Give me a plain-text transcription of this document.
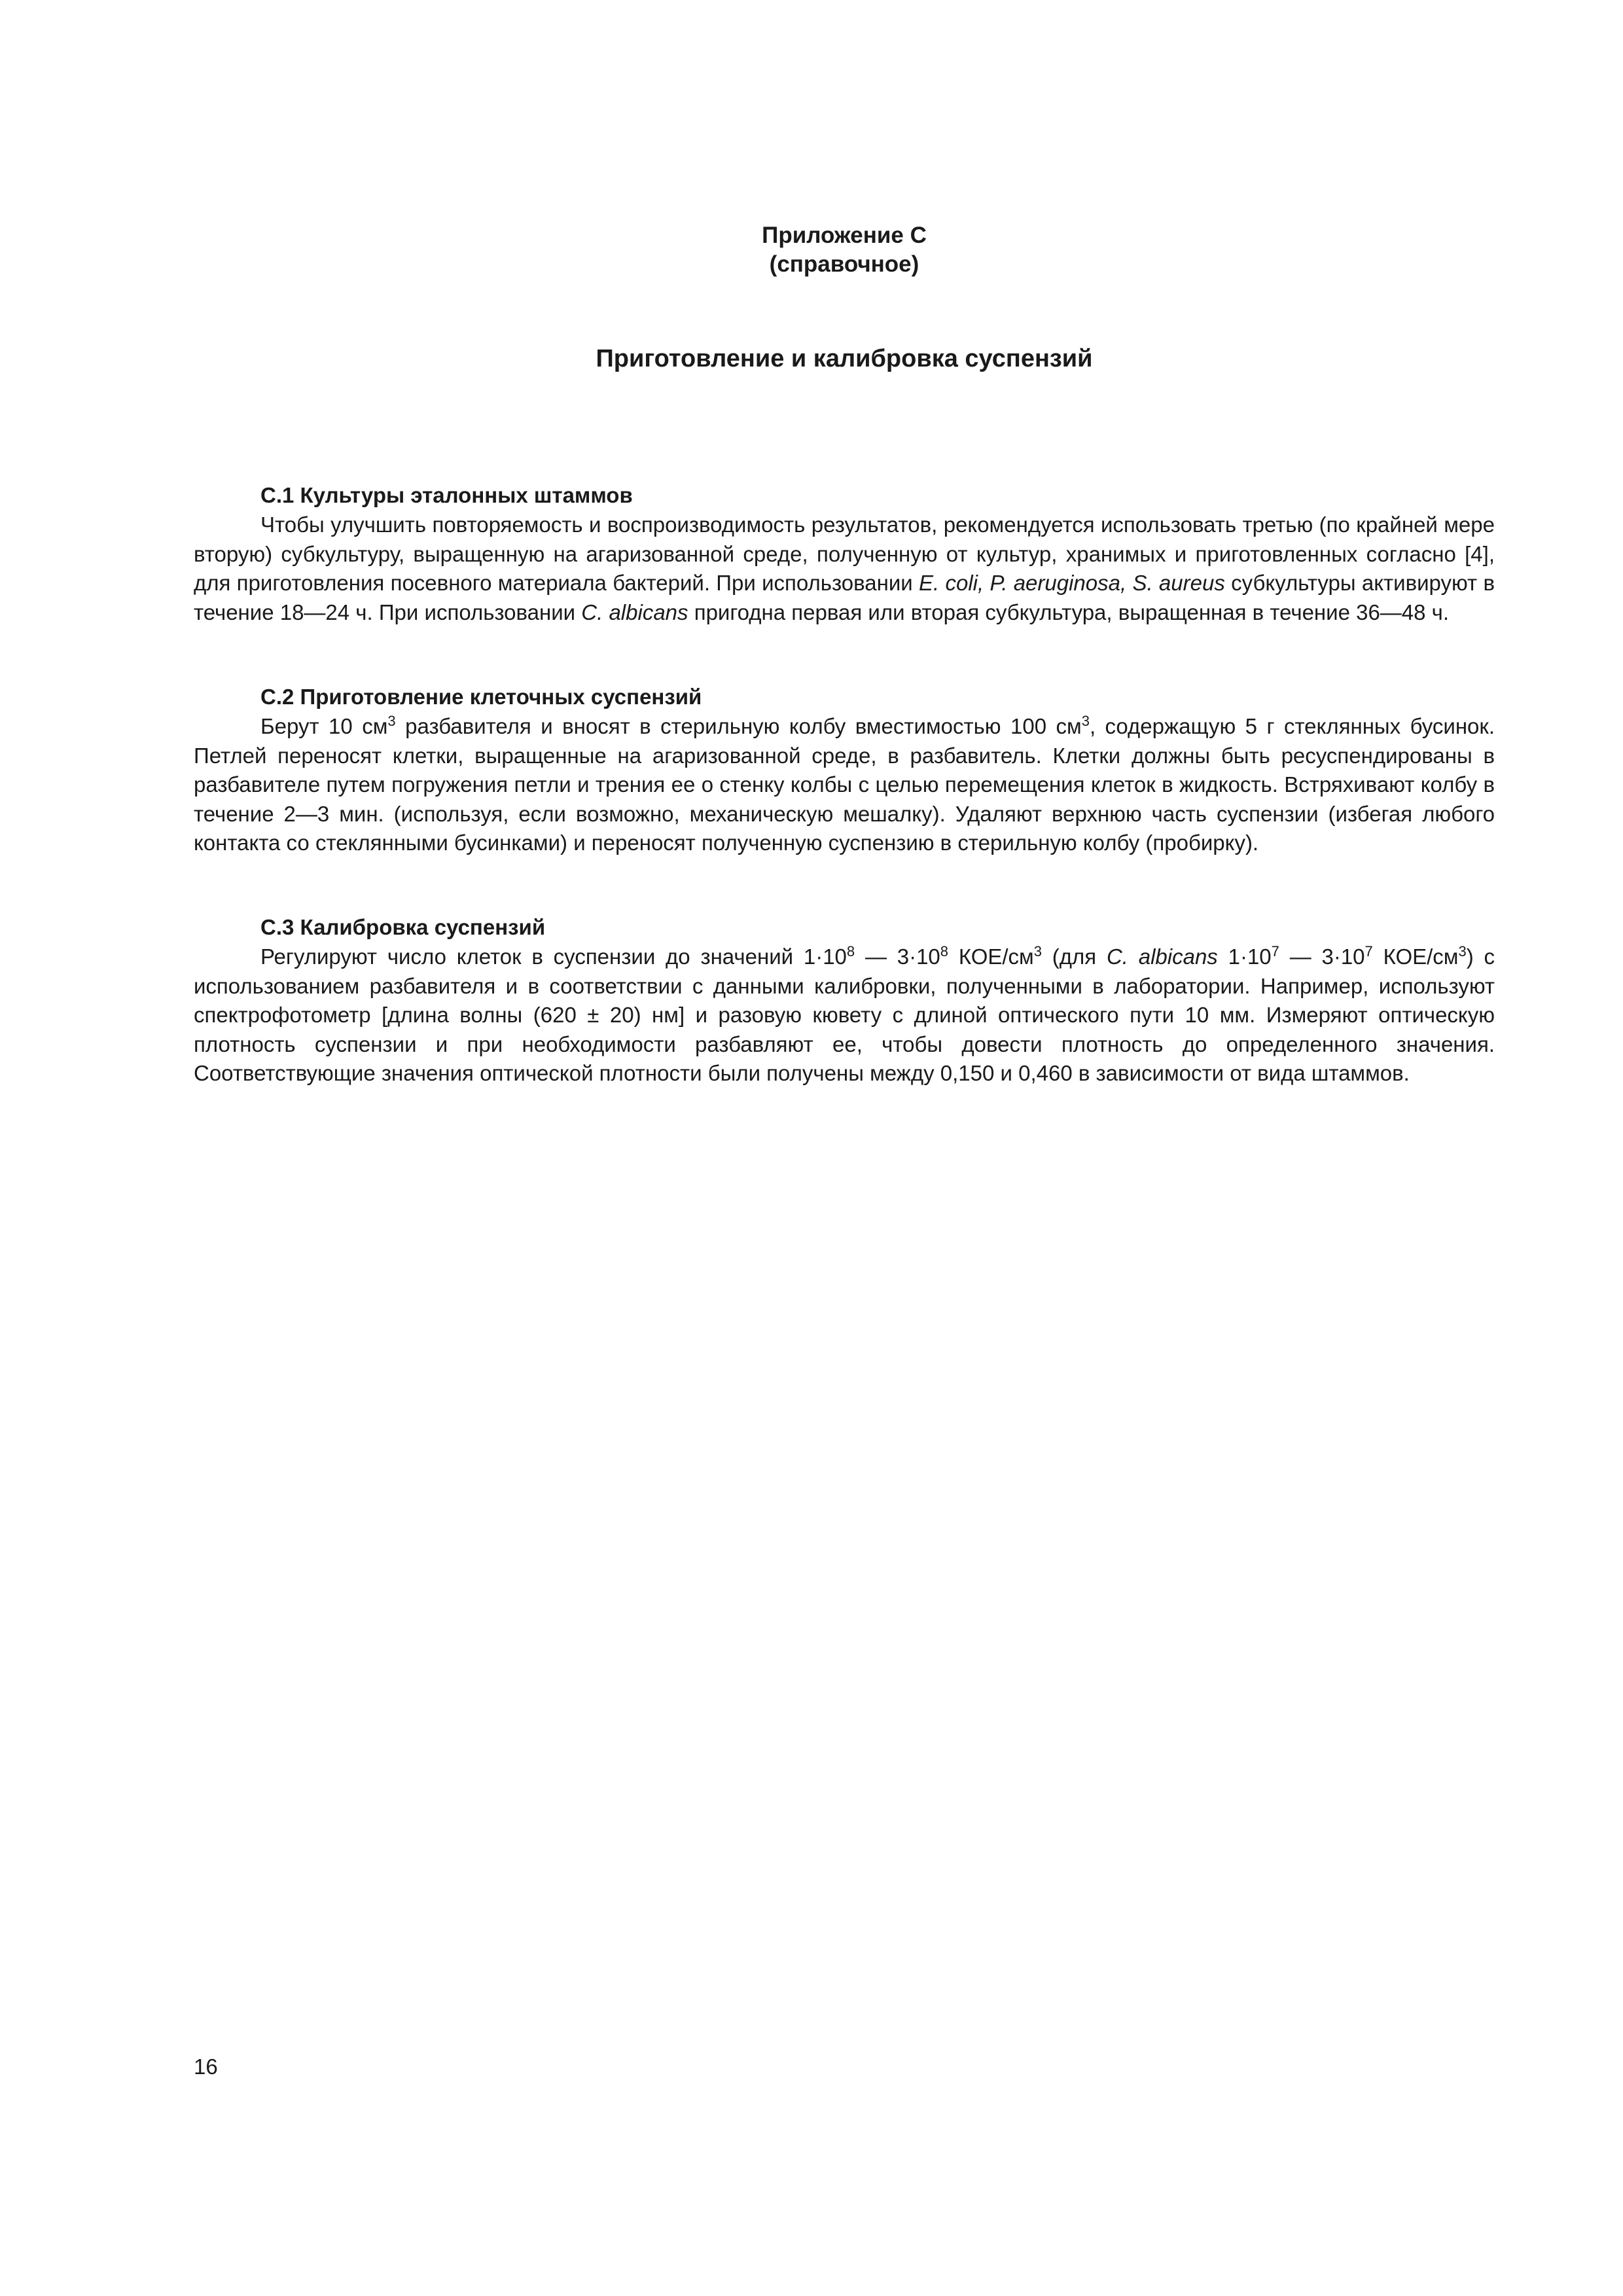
Приложение С
(справочное)
Приготовление и калибровка суспензий
С.1 Культуры эталонных штаммов

Чтобы улучшить повторяемость и воспроизводимость результатов, рекомендуется использовать третью (по крайней мере вторую) субкультуру, выращенную на агаризованной среде, полученную от культур, хранимых и приготовленных согласно [4], для приготовления посевного материала бактерий. При использовании E. coli, P. aeruginosa, S. aureus субкультуры активируют в течение 18—24 ч. При использовании C. albicans пригодна первая или вторая субкультура, выращенная в течение 36—48 ч.

С.2 Приготовление клеточных суспензий

Берут 10 $см^3$ разбавителя и вносят в стерильную колбу вместимостью 100 $см^3$, содержащую 5 г стеклянных бусинок. Петлей переносят клетки, выращенные на агаризованной среде, в разбавитель. Клетки должны быть ресуспендированы в разбавителе путем погружения петли и трения ее о стенку колбы с целью перемещения клеток в жидкость. Встряхивают колбу в течение 2—3 мин. (используя, если возможно, механическую мешалку). Удаляют верхнюю часть суспензии (избегая любого контакта со стеклянными бусинками) и переносят полученную суспензию в стерильную колбу (пробирку).

С.3 Калибровка суспензий

Регулируют число клеток в суспензии до значений $1\cdot 10^8$ — $3\cdot 10^8$ КОЕ/$см^3$ (для C. albicans $1\cdot 10^7$ — $3\cdot 10^7$ КОЕ/$см^3$) с использованием разбавителя и в соответствии с данными калибровки, полученными в лаборатории. Например, используют спектрофотометр [длина волны (620 ± 20) нм] и разовую кювету с длиной оптического пути 10 мм. Измеряют оптическую плотность суспензии и при необходимости разбавляют ее, чтобы довести плотность до определенного значения. Соответствующие значения оптической плотности были получены между 0,150 и 0,460 в зависимости от вида штаммов.

16
